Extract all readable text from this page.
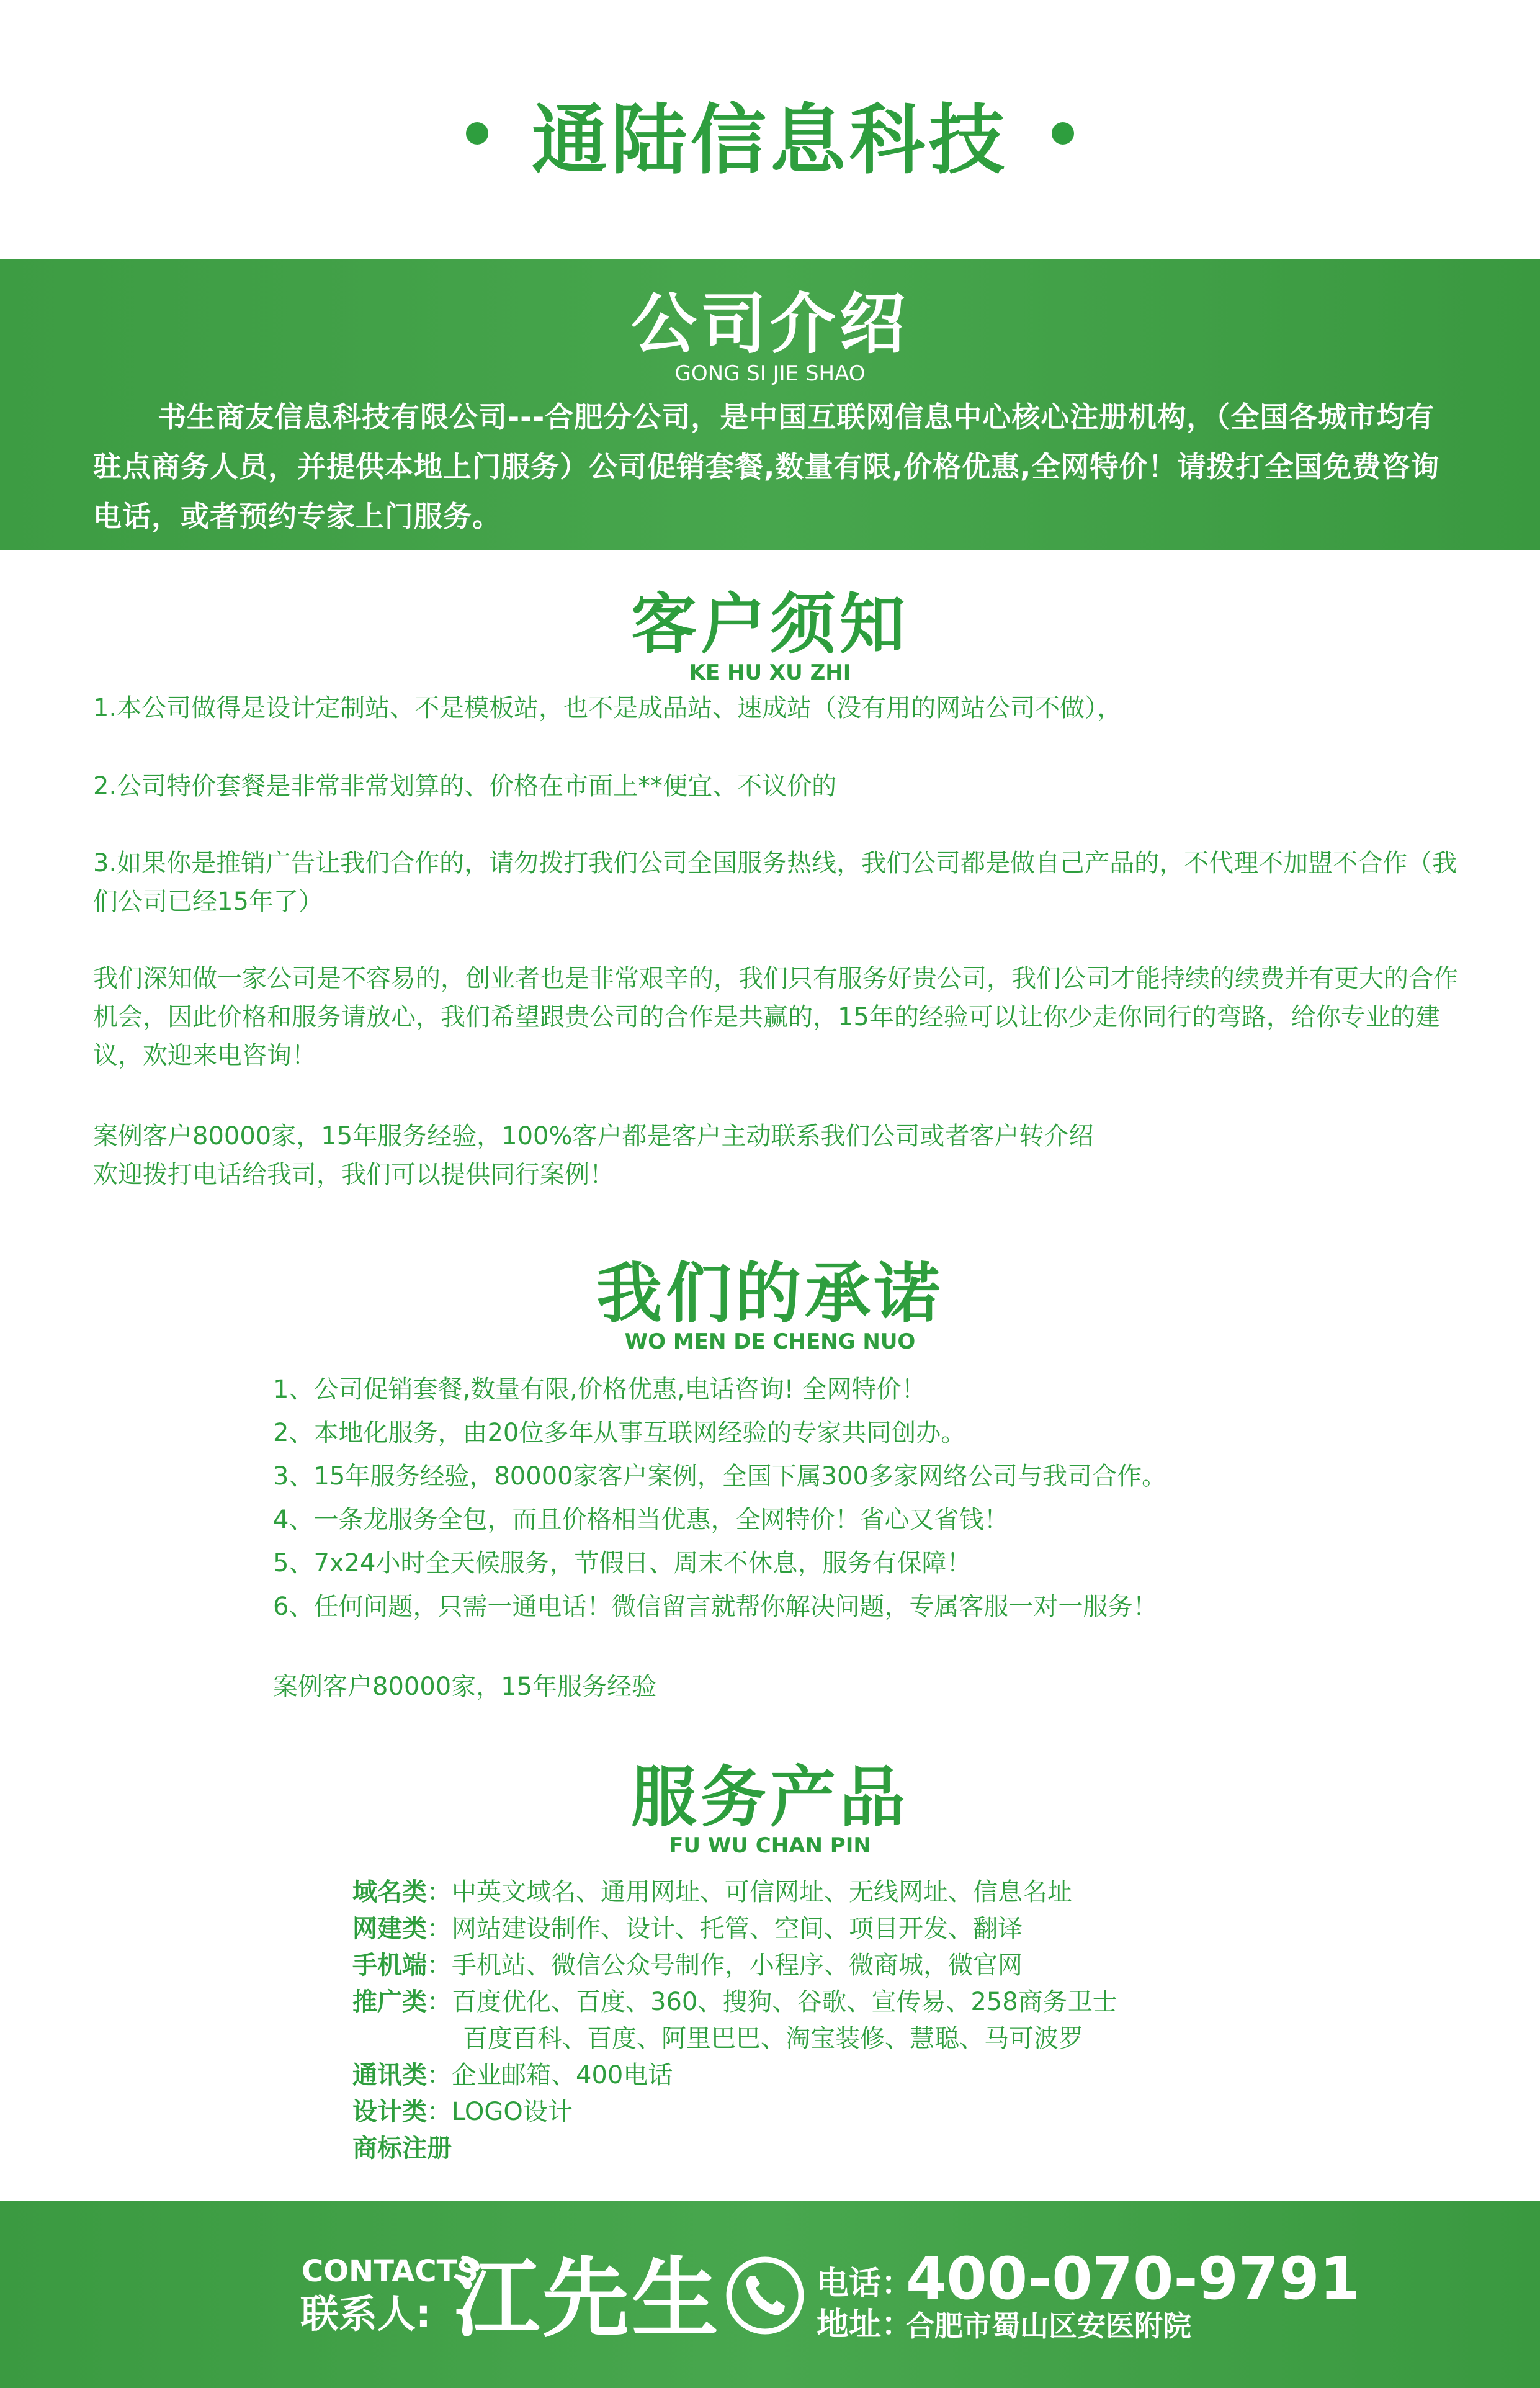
通陆信息科技
公司介绍
GONG SI JIE SHAO
书生商友信息科技有限公司---合肥分公司，是中国互联网信息中心核心注册机构，（全国各城市均有驻点商务人员，并提供本地上门服务）公司促销套餐,数量有限,价格优惠,全网特价！请拨打全国免费咨询电话，或者预约专家上门服务。
客户须知
KE HU XU ZHI
1.本公司做得是设计定制站、不是模板站，也不是成品站、速成站（没有用的网站公司不做），
2.公司特价套餐是非常非常划算的、价格在市面上**便宜、不议价的
3.如果你是推销广告让我们合作的，请勿拨打我们公司全国服务热线，我们公司都是做自己产品的，不代理不加盟不合作（我们公司已经15年了）
我们深知做一家公司是不容易的，创业者也是非常艰辛的，我们只有服务好贵公司，我们公司才能持续的续费并有更大的合作机会，因此价格和服务请放心，我们希望跟贵公司的合作是共赢的，15年的经验可以让你少走你同行的弯路，给你专业的建议，欢迎来电咨询！
案例客户80000家，15年服务经验，100%客户都是客户主动联系我们公司或者客户转介绍
欢迎拨打电话给我司，我们可以提供同行案例！
我们的承诺
WO MEN DE CHENG NUO
1、公司促销套餐,数量有限,价格优惠,电话咨询! 全网特价！
2、本地化服务，由20位多年从事互联网经验的专家共同创办。
3、15年服务经验，80000家客户案例，全国下属300多家网络公司与我司合作。
4、一条龙服务全包，而且价格相当优惠，全网特价！省心又省钱！
5、7x24小时全天候服务，节假日、周末不休息，服务有保障！
6、任何问题，只需一通电话！微信留言就帮你解决问题，专属客服一对一服务！
案例客户80000家，15年服务经验
服务产品
FU WU CHAN PIN
域名类 ： 中英文域名、通用网址、可信网址、无线网址、信息名址
网建类 ： 网站建设制作、设计、托管、空间、项目开发、翻译
手机端 ： 手机站、微信公众号制作，小程序、微商城，微官网
推广类 ： 百度优化、百度、360、搜狗、谷歌、宣传易、258商务卫士
百度百科、百度、阿里巴巴、淘宝装修、慧聪、马可波罗
通讯类 ： 企业邮箱、400电话
设计类 ： LOGO设计
商标注册
CONTACTS
联系人: 江先生	电话：
400-070-9791
地址：
合肥市蜀山区安医附院
